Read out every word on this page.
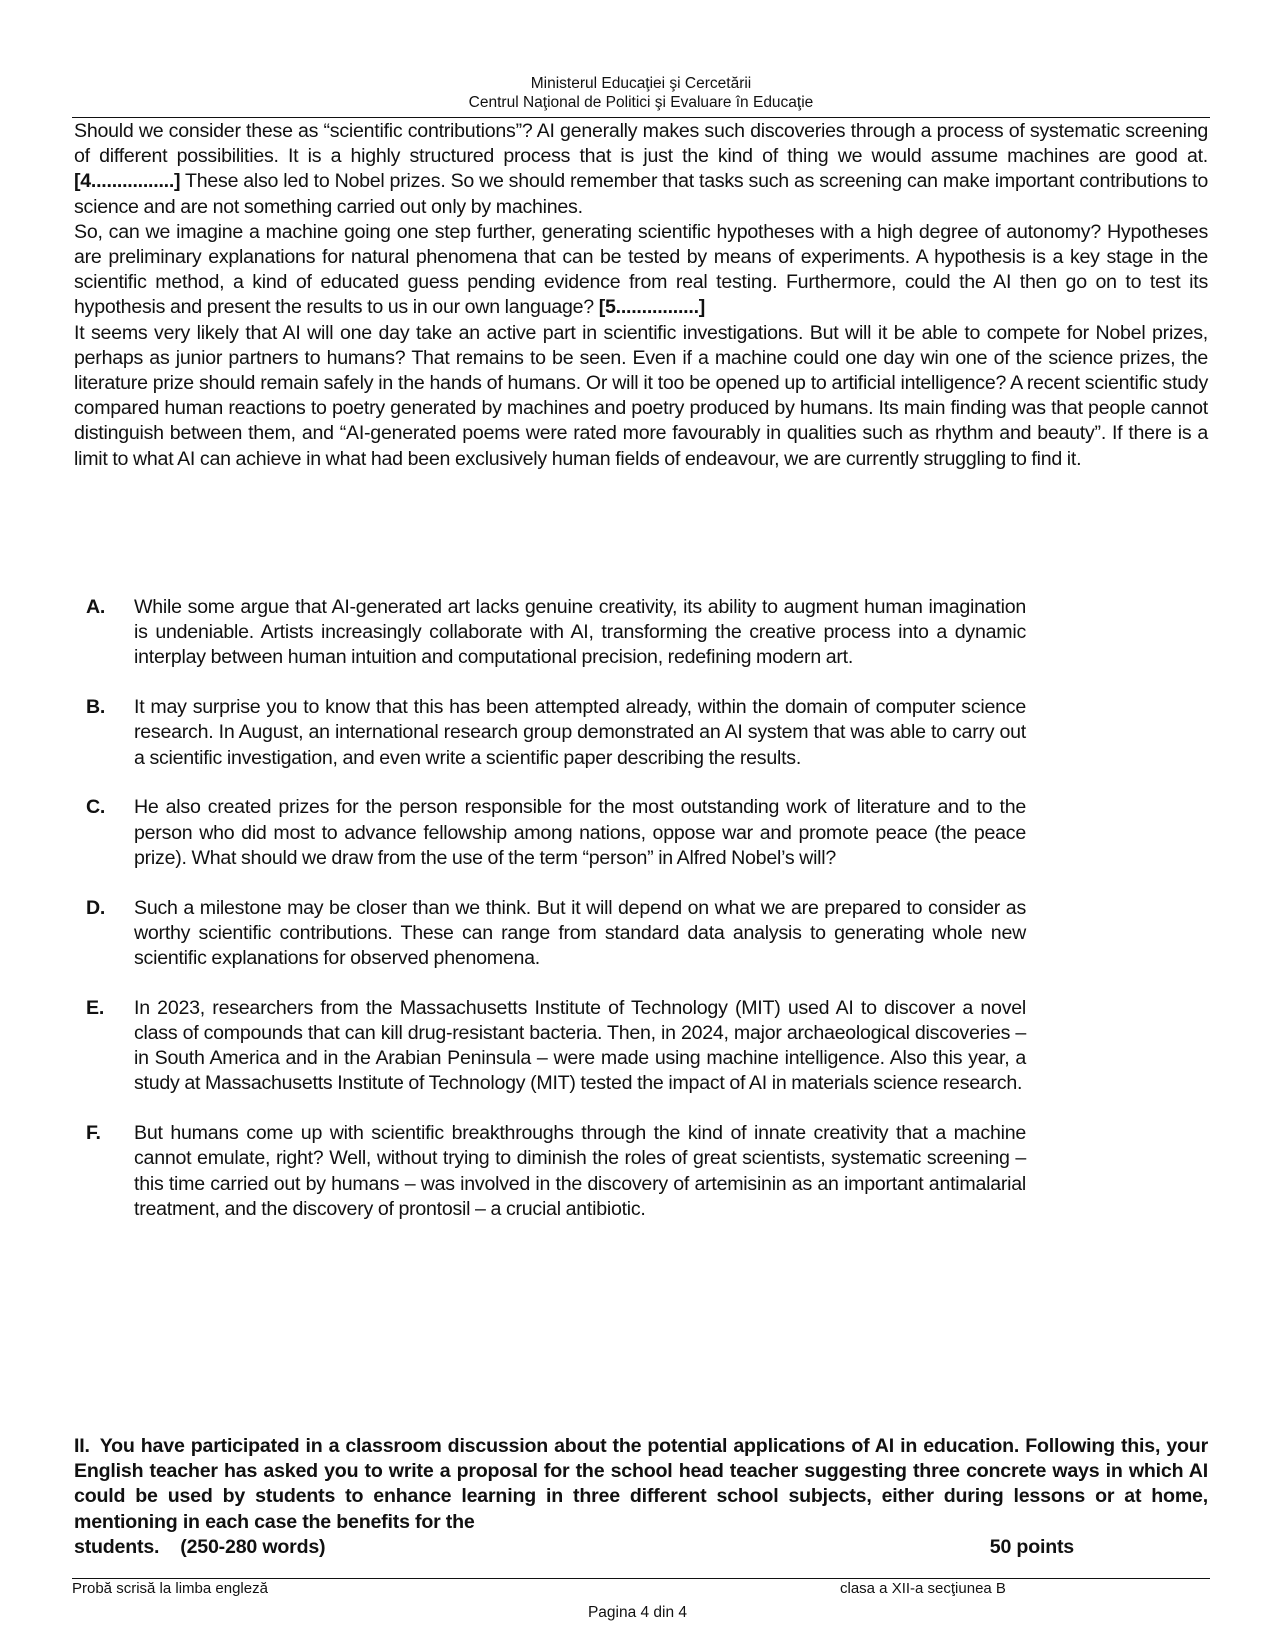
Ministerul Educaţiei şi Cercetării
Centrul Naţional de Politici şi Evaluare în Educaţie

Should we consider these as “scientific contributions”? AI generally makes such discoveries through a process of systematic screening of different possibilities. It is a highly structured process that is just the kind of thing we would assume machines are good at. [4................] These also led to Nobel prizes. So we should remember that tasks such as screening can make important contributions to science and are not something carried out only by machines.

So, can we imagine a machine going one step further, generating scientific hypotheses with a high degree of autonomy? Hypotheses are preliminary explanations for natural phenomena that can be tested by means of experiments. A hypothesis is a key stage in the scientific method, a kind of educated guess pending evidence from real testing. Furthermore, could the AI then go on to test its hypothesis and present the results to us in our own language? [5................]

It seems very likely that AI will one day take an active part in scientific investigations. But will it be able to compete for Nobel prizes, perhaps as junior partners to humans? That remains to be seen. Even if a machine could one day win one of the science prizes, the literature prize should remain safely in the hands of humans. Or will it too be opened up to artificial intelligence? A recent scientific study compared human reactions to poetry generated by machines and poetry produced by humans. Its main finding was that people cannot distinguish between them, and “AI-generated poems were rated more favourably in qualities such as rhythm and beauty”. If there is a limit to what AI can achieve in what had been exclusively human fields of endeavour, we are currently struggling to find it.

A.	While some argue that AI-generated art lacks genuine creativity, its ability to augment human imagination is undeniable. Artists increasingly collaborate with AI, transforming the creative process into a dynamic interplay between human intuition and computational precision, redefining modern art.
B.	It may surprise you to know that this has been attempted already, within the domain of computer science research. In August, an international research group demonstrated an AI system that was able to carry out a scientific investigation, and even write a scientific paper describing the results.
C.	He also created prizes for the person responsible for the most outstanding work of literature and to the person who did most to advance fellowship among nations, oppose war and promote peace (the peace prize). What should we draw from the use of the term “person” in Alfred Nobel’s will?
D.	Such a milestone may be closer than we think. But it will depend on what we are prepared to consider as worthy scientific contributions. These can range from standard data analysis to generating whole new scientific explanations for observed phenomena.
E.	In 2023, researchers from the Massachusetts Institute of Technology (MIT) used AI to discover a novel class of compounds that can kill drug-resistant bacteria. Then, in 2024, major archaeological discoveries – in South America and in the Arabian Peninsula – were made using machine intelligence. Also this year, a study at Massachusetts Institute of Technology (MIT) tested the impact of AI in materials science research.
F.	But humans come up with scientific breakthroughs through the kind of innate creativity that a machine cannot emulate, right? Well, without trying to diminish the roles of great scientists, systematic screening – this time carried out by humans – was involved in the discovery of artemisinin as an important antimalarial treatment, and the discovery of prontosil – a crucial antibiotic.
II. You have participated in a classroom discussion about the potential applications of AI in education. Following this, your English teacher has asked you to write a proposal for the school head teacher suggesting three concrete ways in which AI could be used by students to enhance learning in three different school subjects, either during lessons or at home, mentioning in each case the benefits for the
students.    (250-280 words)	50 points
Probă scrisă la limba engleză	clasa a XII-a secţiunea B
Pagina 4 din 4
